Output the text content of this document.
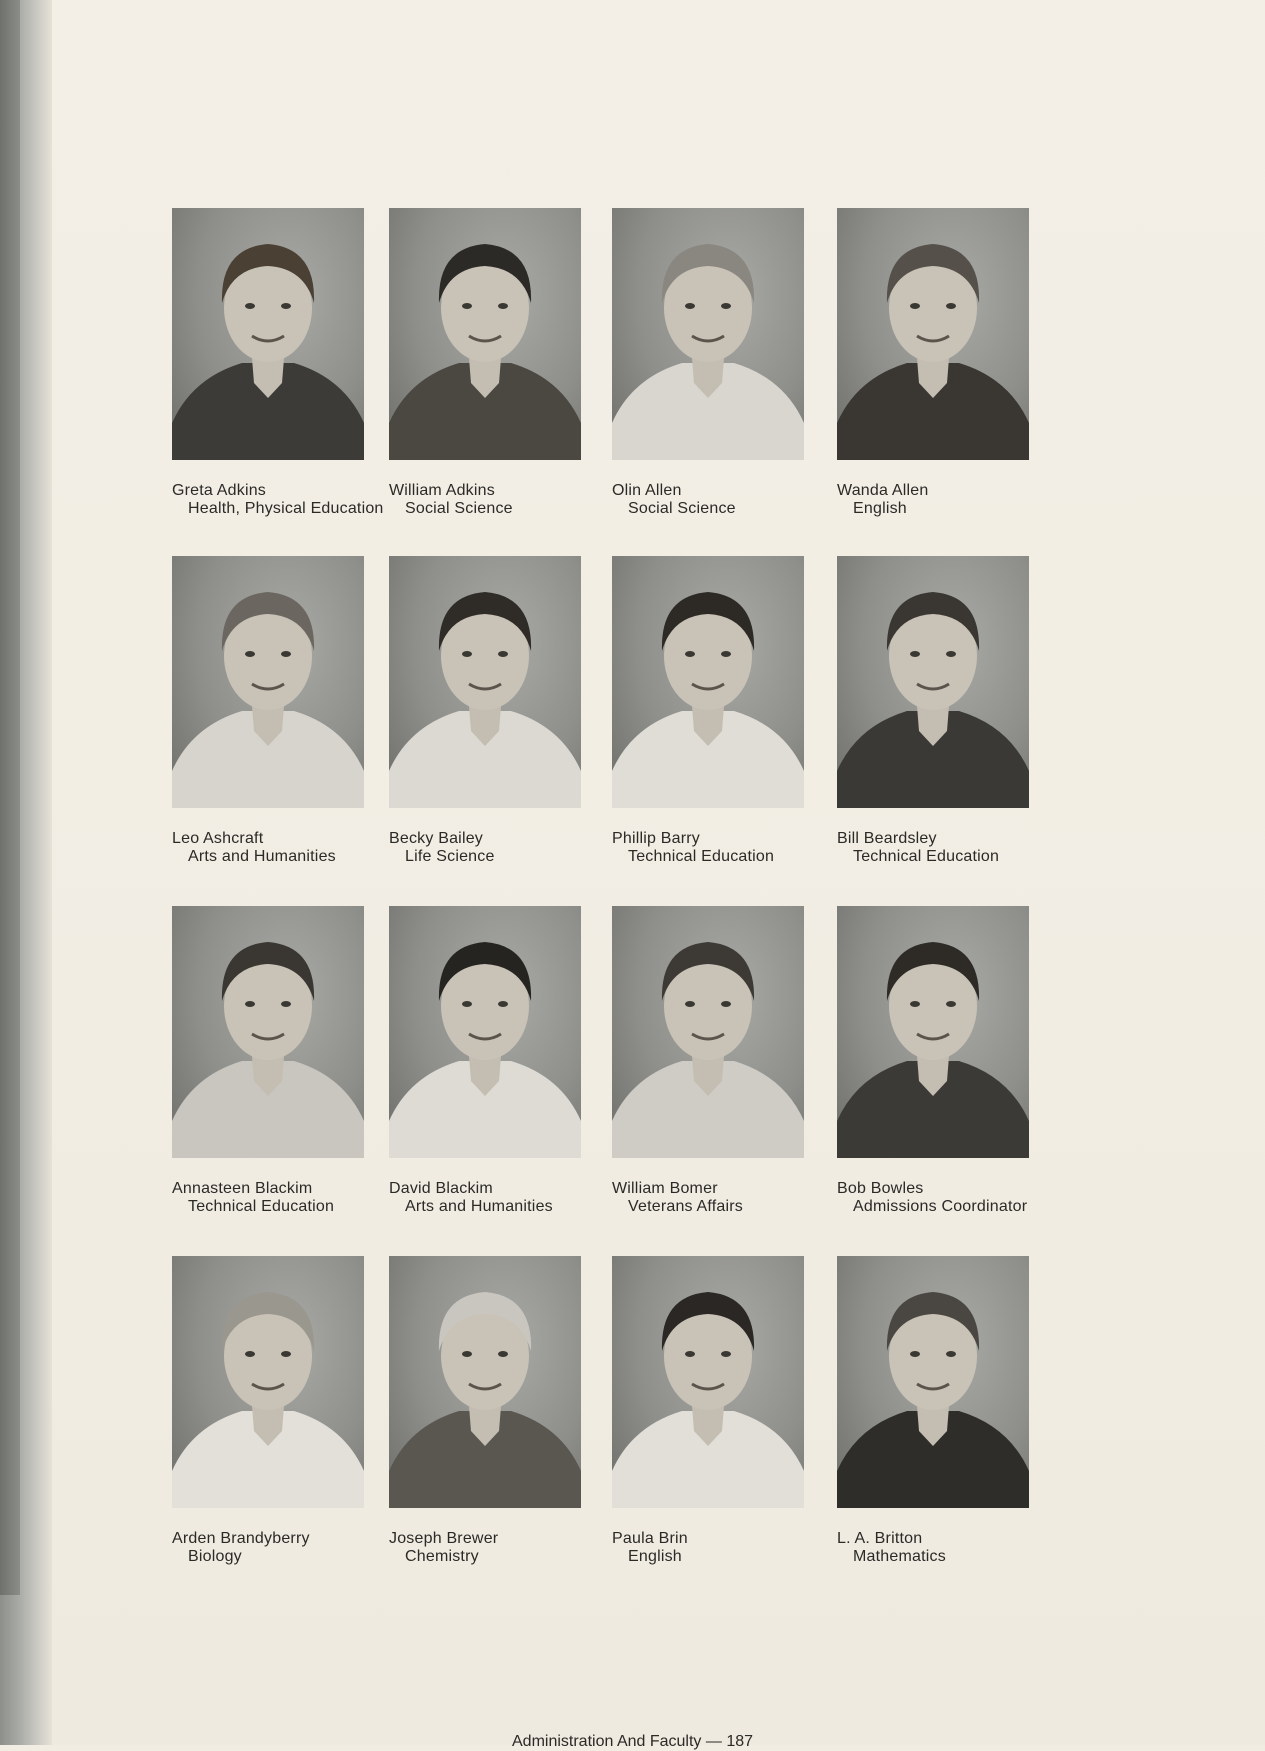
Greta Adkins
Health, Physical Education
William Adkins
Social Science
Olin Allen
Social Science
Wanda Allen
English
Leo Ashcraft
Arts and Humanities
Becky Bailey
Life Science
Phillip Barry
Technical Education
Bill Beardsley
Technical Education
Annasteen Blackim
Technical Education
David Blackim
Arts and Humanities
William Bomer
Veterans Affairs
Bob Bowles
Admissions Coordinator
Arden Brandyberry
Biology
Joseph Brewer
Chemistry
Paula Brin
English
L. A. Britton
Mathematics
Administration And Faculty — 187
